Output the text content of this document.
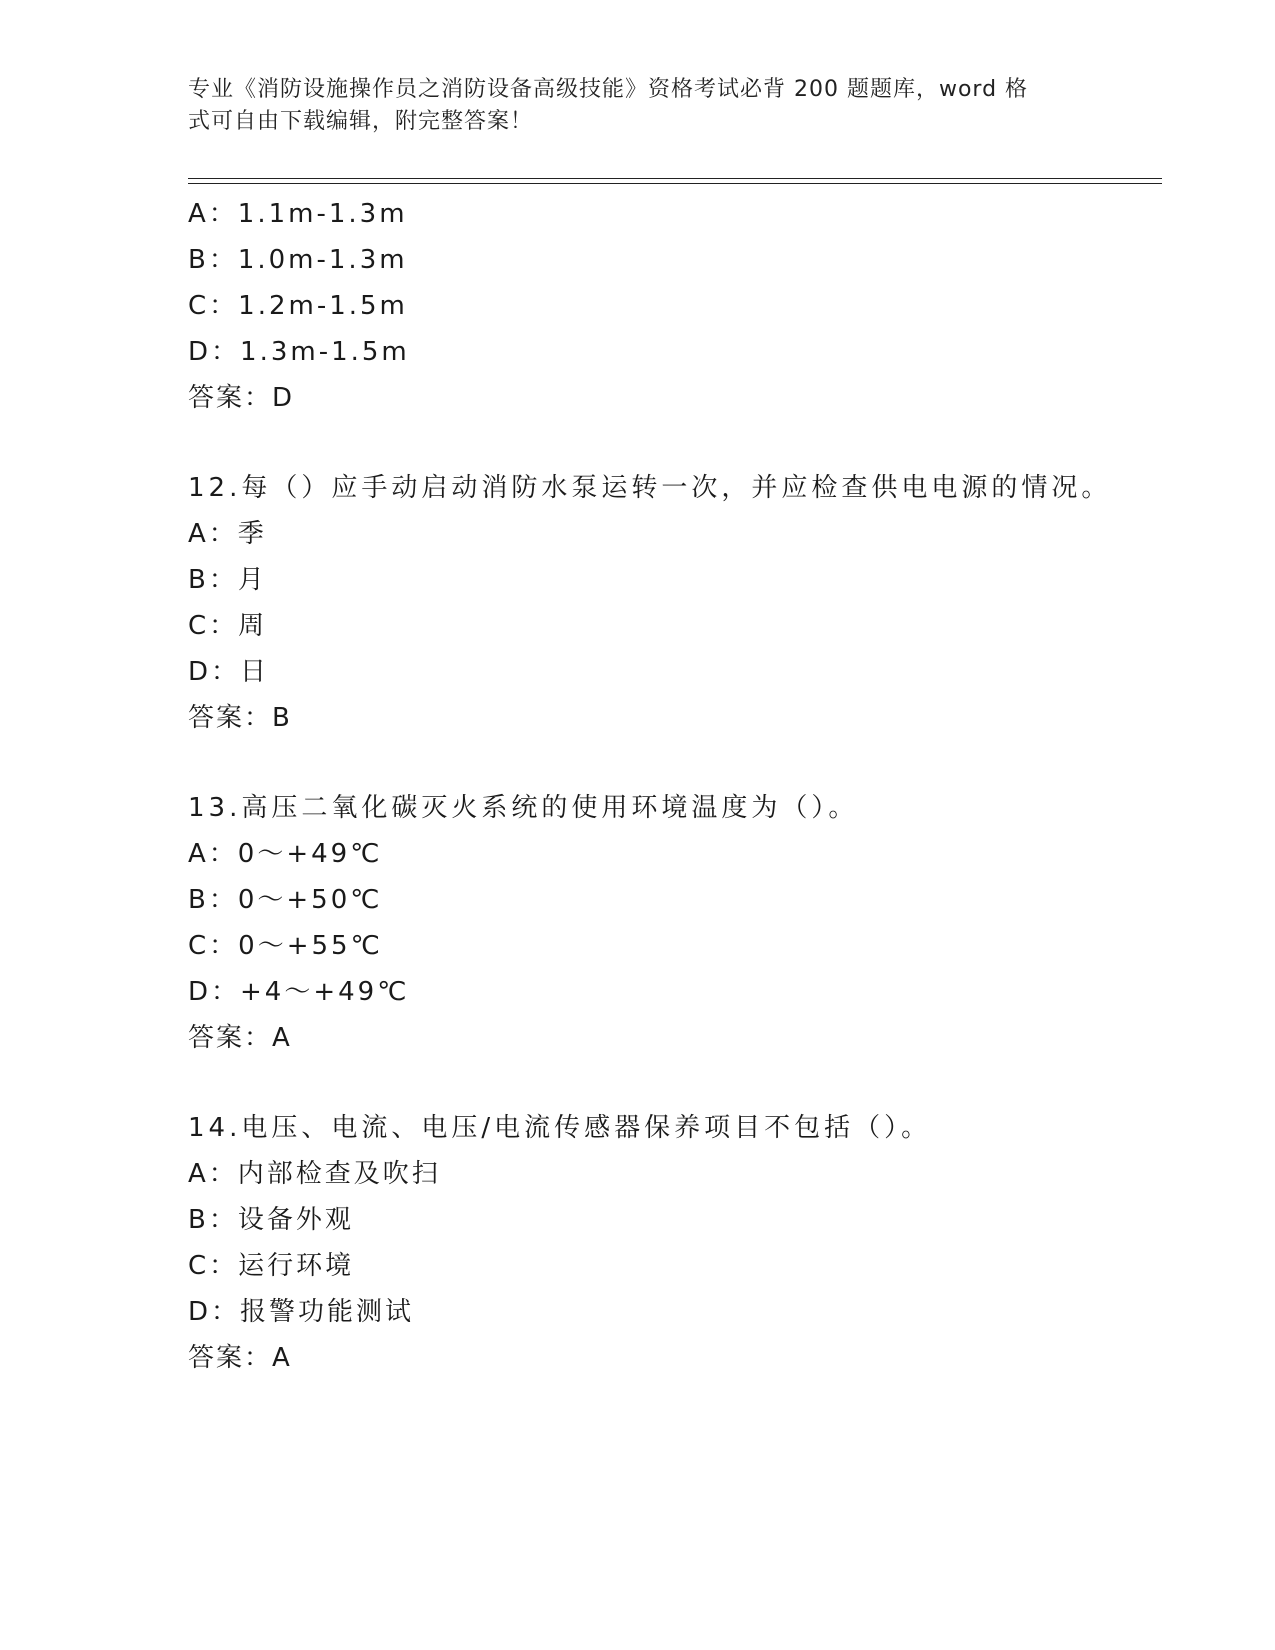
专业《消防设施操作员之消防设备高级技能》资格考试必背 200 题题库，word 格
式可自由下载编辑，附完整答案！
A：1.1m-1.3m
B：1.0m-1.3m
C：1.2m-1.5m
D：1.3m-1.5m
答案：D
12.每（）应手动启动消防水泵运转一次，并应检查供电电源的情况。
A：季
B：月
C：周
D：日
答案：B
13.高压二氧化碳灭火系统的使用环境温度为（）。
A：0～+49℃
B：0～+50℃
C：0～+55℃
D：+4～+49℃
答案：A
14.电压、电流、电压/电流传感器保养项目不包括（）。
A：内部检查及吹扫
B：设备外观
C：运行环境
D：报警功能测试
答案：A
